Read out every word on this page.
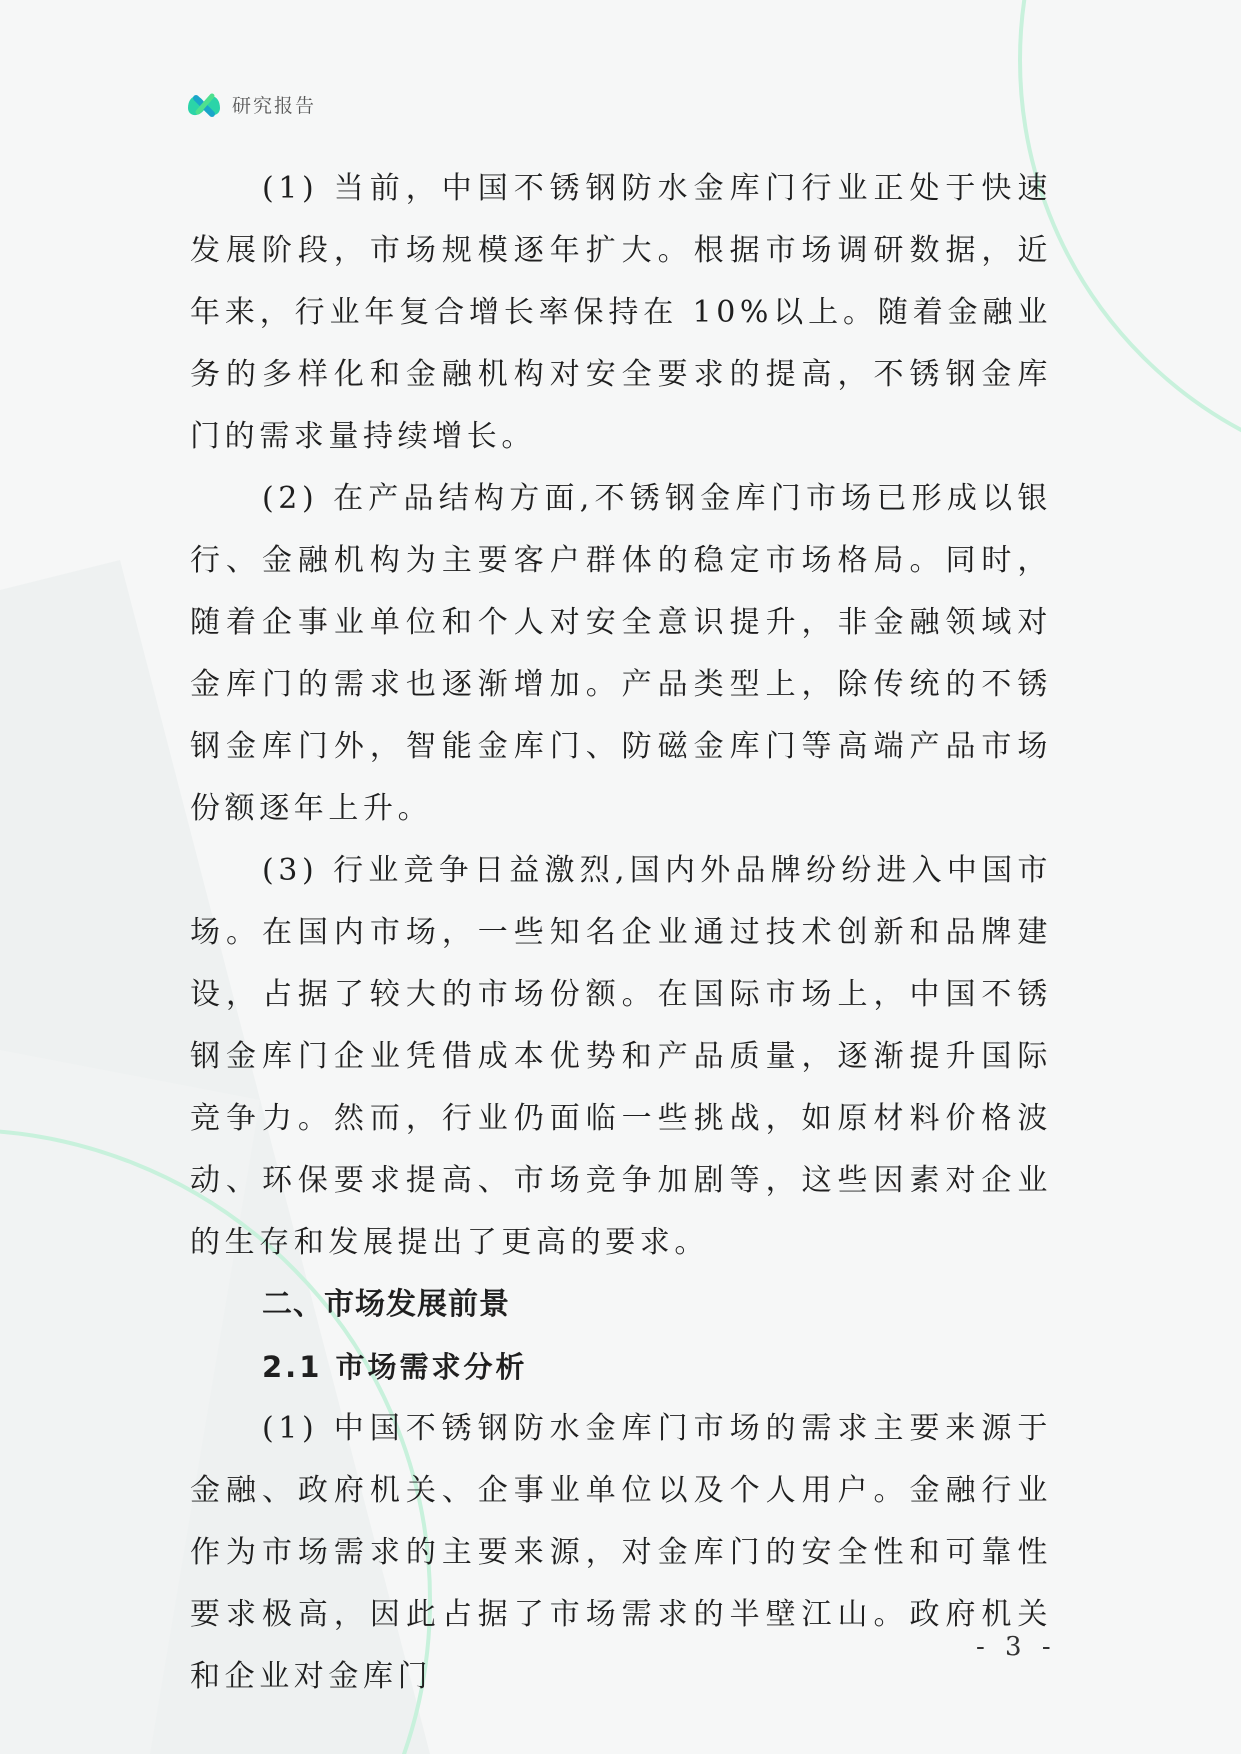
研究报告

(1) 当前，中国不锈钢防水金库门行业正处于快速发展阶段，市场规模逐年扩大。根据市场调研数据，近年来，行业年复合增长率保持在 10%以上。随着金融业务的多样化和金融机构对安全要求的提高，不锈钢金库门的需求量持续增长。

(2) 在产品结构方面,不锈钢金库门市场已形成以银行、金融机构为主要客户群体的稳定市场格局。同时，随着企事业单位和个人对安全意识提升，非金融领域对金库门的需求也逐渐增加。产品类型上，除传统的不锈钢金库门外，智能金库门、防磁金库门等高端产品市场份额逐年上升。

(3) 行业竞争日益激烈,国内外品牌纷纷进入中国市场。在国内市场，一些知名企业通过技术创新和品牌建设，占据了较大的市场份额。在国际市场上，中国不锈钢金库门企业凭借成本优势和产品质量，逐渐提升国际竞争力。然而，行业仍面临一些挑战，如原材料价格波动、环保要求提高、市场竞争加剧等，这些因素对企业的生存和发展提出了更高的要求。

二、市场发展前景
2.1 市场需求分析

(1) 中国不锈钢防水金库门市场的需求主要来源于金融、政府机关、企事业单位以及个人用户。金融行业作为市场需求的主要来源，对金库门的安全性和可靠性要求极高，因此占据了市场需求的半壁江山。政府机关和企业对金库门

- 3 -
